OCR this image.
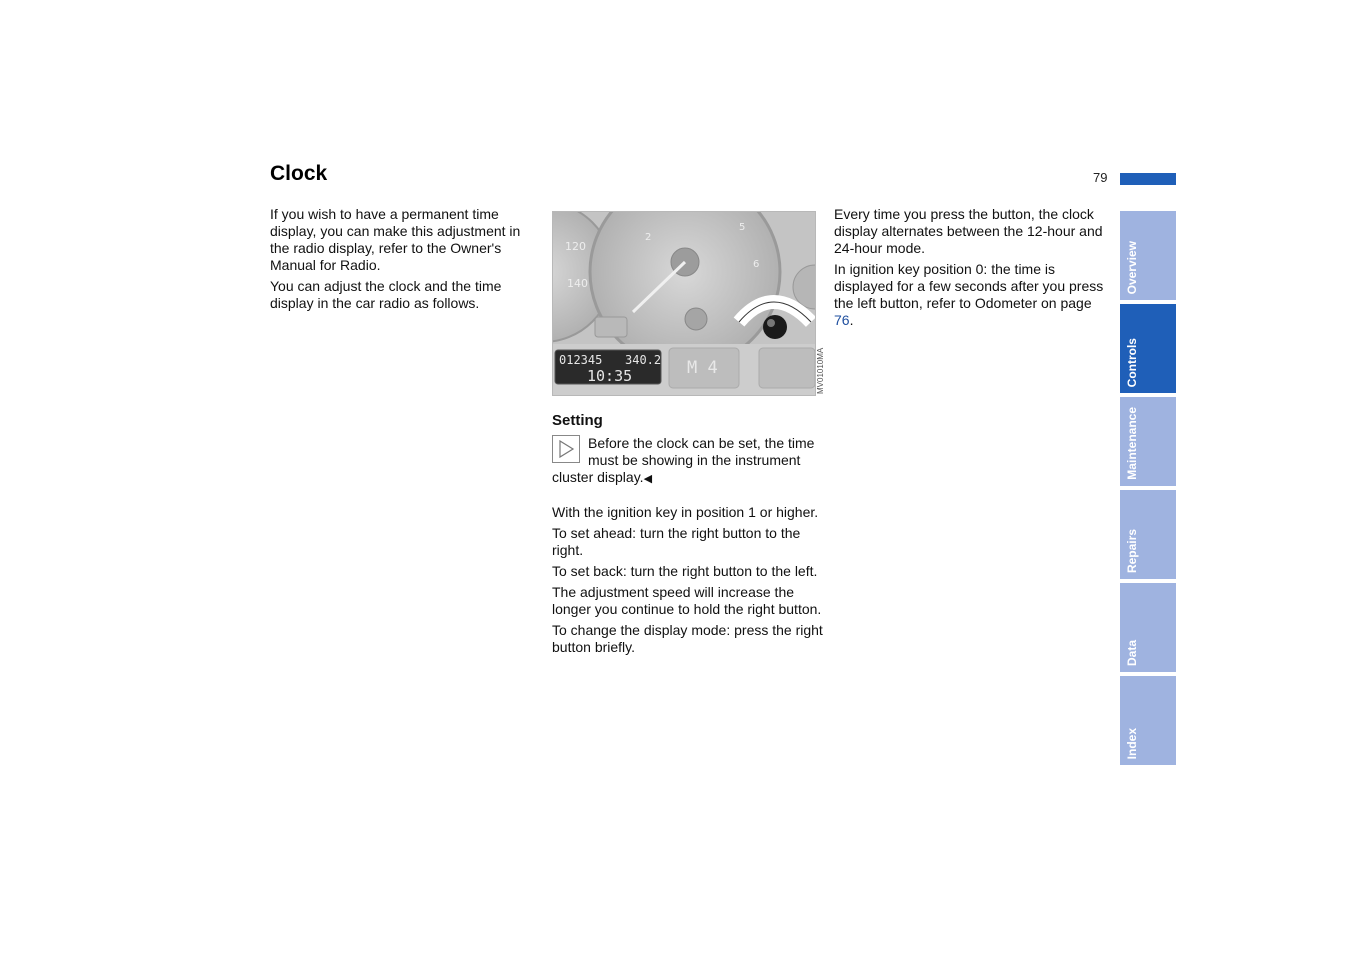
Clock	79

If you wish to have a permanent time display, you can make this adjustment in the radio display, refer to the Owner's Manual for Radio.

You can adjust the clock and the time display in the car radio as follows.

120
140
2
5
6
012345 340.2
10:35	M 4	MV01010MA
Setting
Before the clock can be set, the time must be showing in the instrument cluster display.◀

With the ignition key in position 1 or higher.

To set ahead: turn the right button to the right.

To set back: turn the right button to the left.

The adjustment speed will increase the longer you continue to hold the right button.

To change the display mode: press the right button briefly.

Every time you press the button, the clock display alternates between the 12-hour and 24-hour mode.

In ignition key position 0: the time is displayed for a few seconds after you press the left button, refer to Odometer on page 76.

Overview
Controls
Maintenance
Repairs
Data
Index
